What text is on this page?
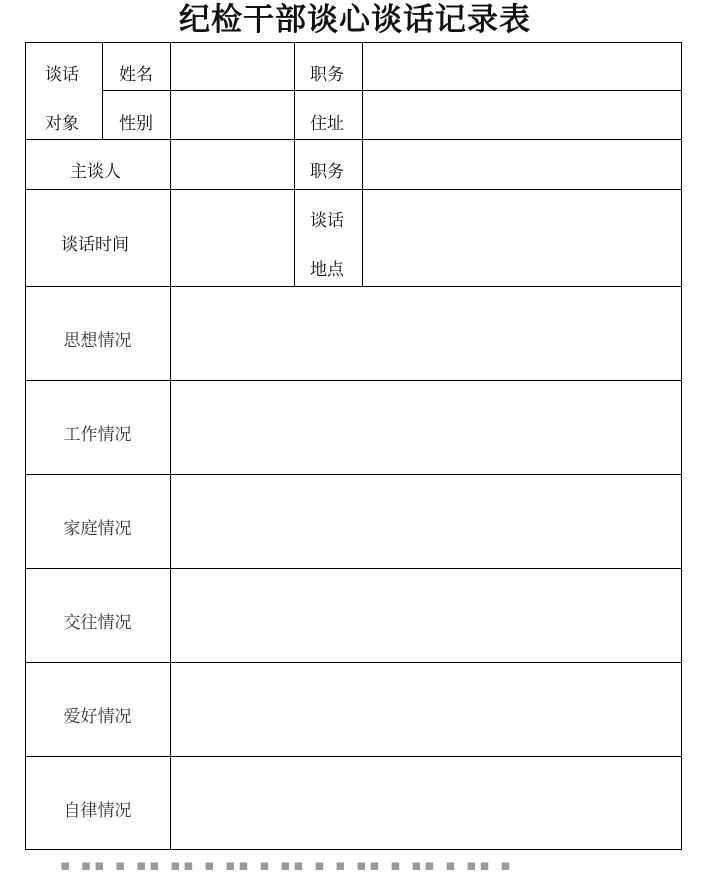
纪检干部谈心谈话记录表
谈话
对象
姓名
性别
职务
住址
主谈人	职务
谈话时间
谈话
地点
思想情况
工作情况
家庭情况
交往情况
爱好情况
自律情况
▪ ▪▪ ▪ ▪▪ ▪▪ ▪ ▪▪ ▪ ▪▪ ▪ ▪ ▪▪ ▪ ▪▪ ▪ ▪▪ ▪
